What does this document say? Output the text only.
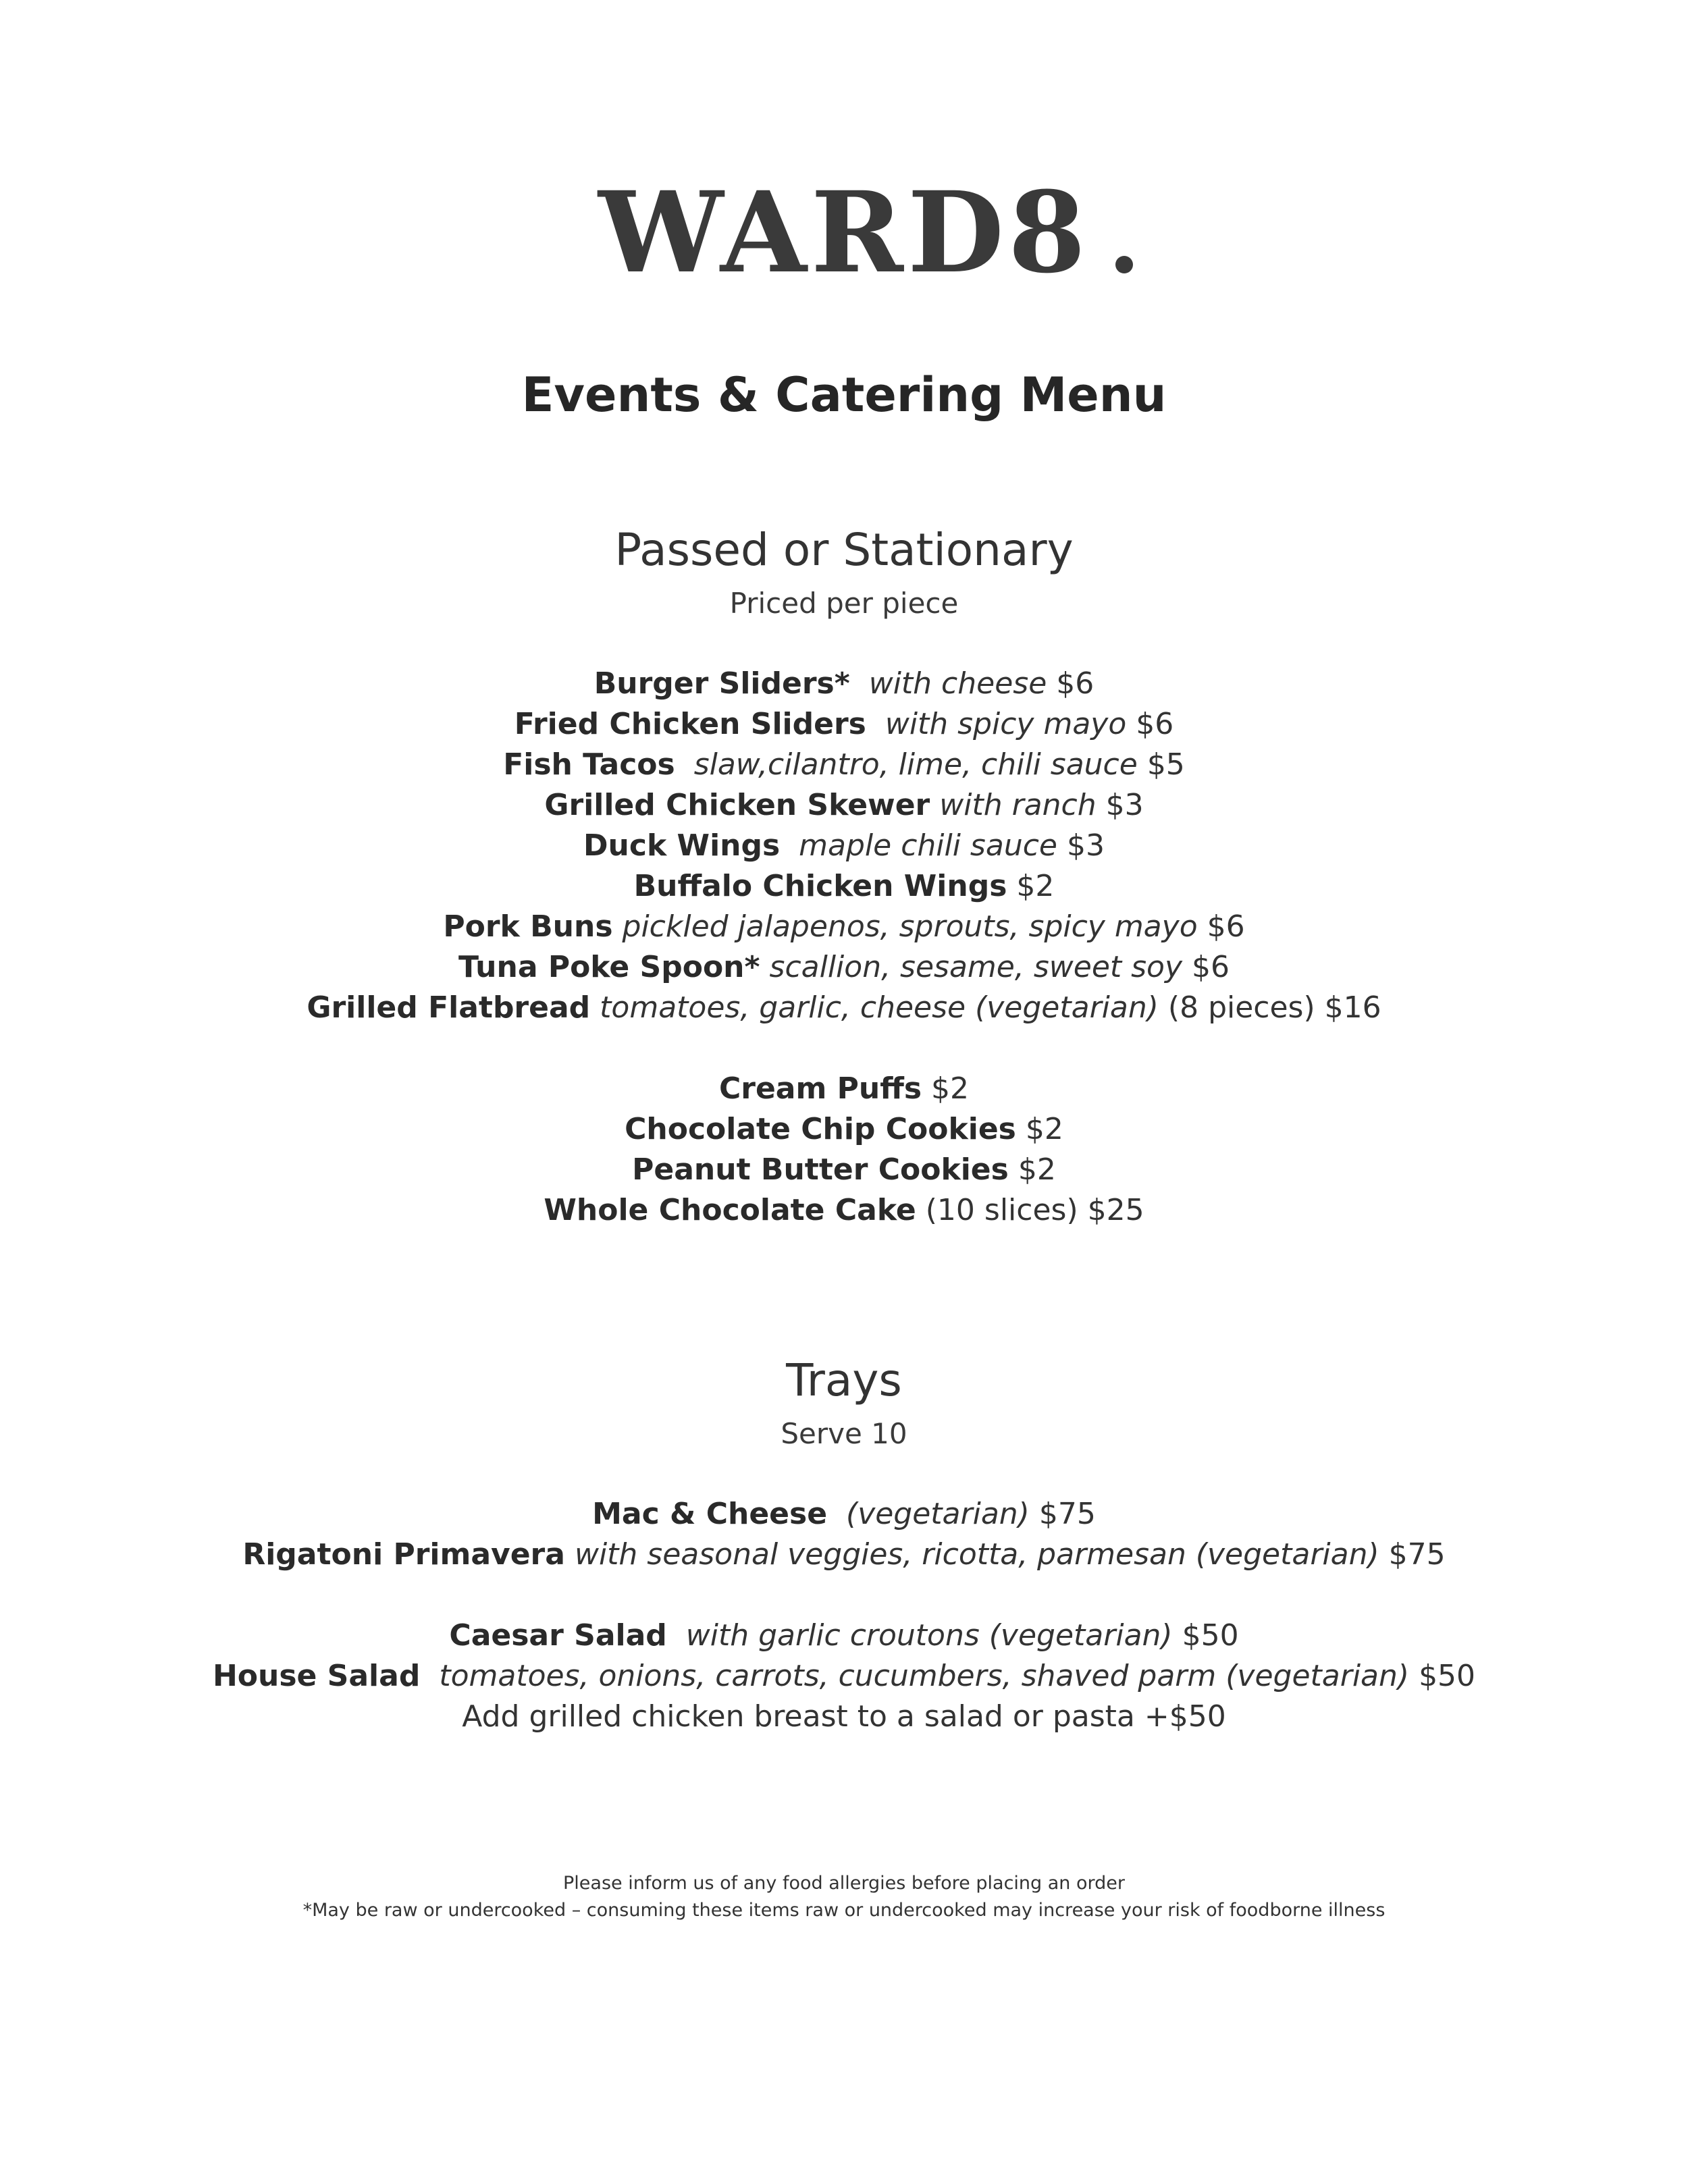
WARD8
Events & Catering Menu
Passed or Stationary
Priced per piece
Burger Sliders* with cheese $6
Fried Chicken Sliders with spicy mayo $6
Fish Tacos slaw,cilantro, lime, chili sauce $5
Grilled Chicken Skewer with ranch $3
Duck Wings maple chili sauce $3
Buffalo Chicken Wings $2
Pork Buns pickled jalapenos, sprouts, spicy mayo $6
Tuna Poke Spoon* scallion, sesame, sweet soy $6
Grilled Flatbread tomatoes, garlic, cheese (vegetarian) (8 pieces) $16
Cream Puffs $2
Chocolate Chip Cookies $2
Peanut Butter Cookies $2
Whole Chocolate Cake (10 slices) $25
Trays
Serve 10
Mac & Cheese (vegetarian) $75
Rigatoni Primavera with seasonal veggies, ricotta, parmesan (vegetarian) $75
Caesar Salad with garlic croutons (vegetarian) $50
House Salad tomatoes, onions, carrots, cucumbers, shaved parm (vegetarian) $50
Add grilled chicken breast to a salad or pasta +$50
Please inform us of any food allergies before placing an order
*May be raw or undercooked – consuming these items raw or undercooked may increase your risk of foodborne illness
